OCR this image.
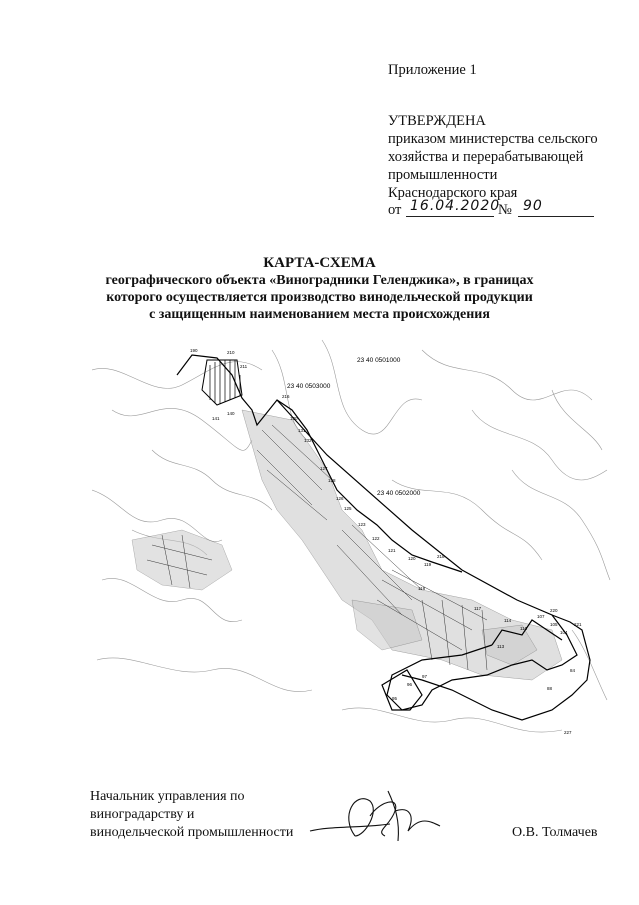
Приложение 1
УТВЕРЖДЕНА
приказом министерства сельского
хозяйства и перерабатывающей
промышленности
Краснодарского края
от 16.04.2020
№ 90
КАРТА-СХЕМА
географического объекта «Виноградники Геленджика», в границах
которого осуществляется производство винодельческой продукции
с защищенным наименованием места происхождения
23 40 0501000
23 40 0503000
23 40 0502000
190	210
211
140
141
216
130
131
132
127
128
126
125
123
122
121
120
119
218
118
117
114
113
110
107
105
104
220
221
95
96
97
227
88
84
Начальник управления по
виноградарству и
винодельческой промышленности	О.В. Толмачев
